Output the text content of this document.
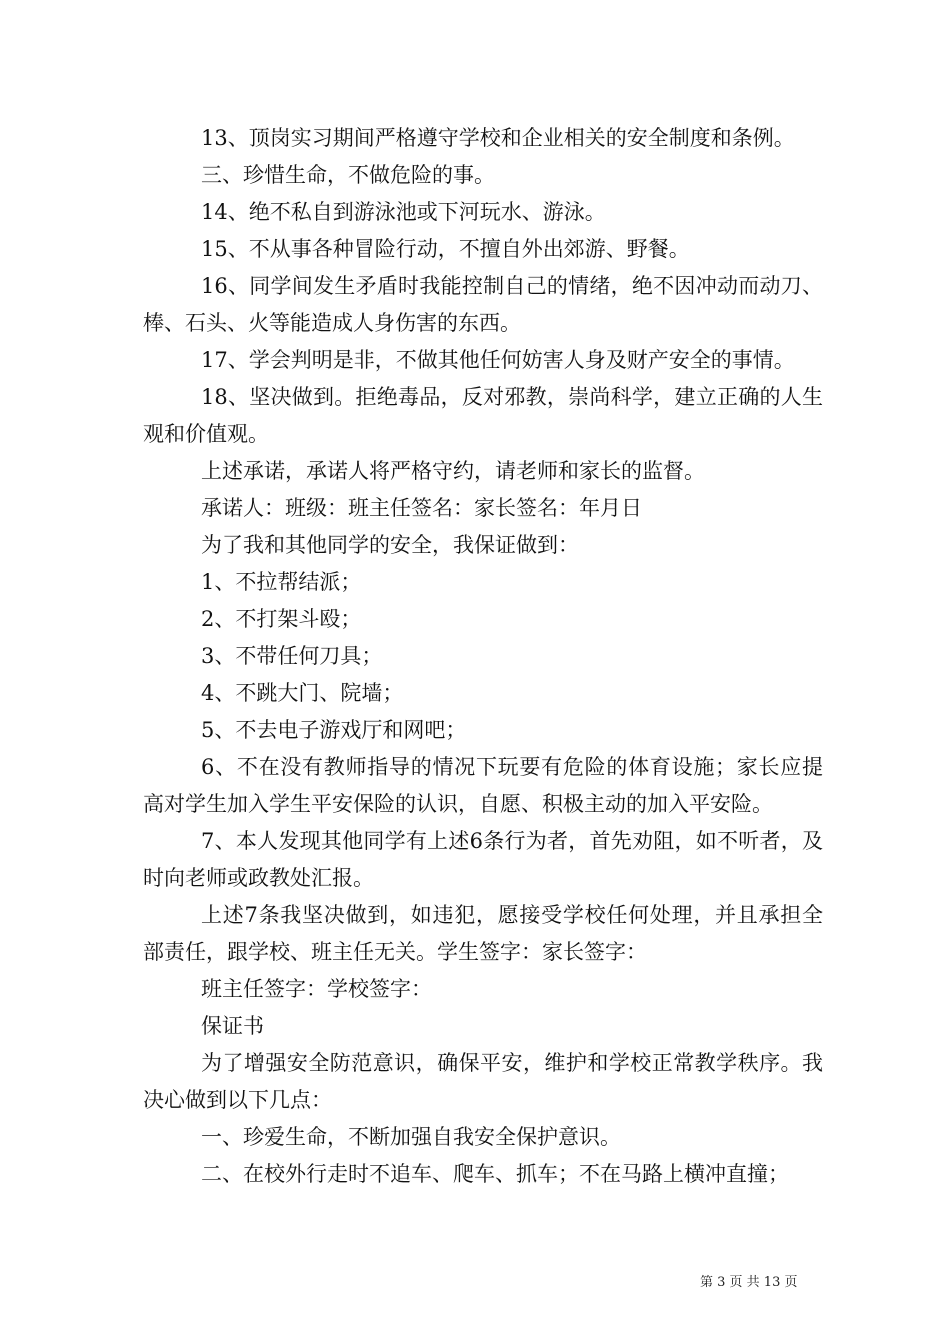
13、顶岗实习期间严格遵守学校和企业相关的安全制度和条例。

三、珍惜生命，不做危险的事。

14、绝不私自到游泳池或下河玩水、游泳。

15、不从事各种冒险行动，不擅自外出郊游、野餐。

16、同学间发生矛盾时我能控制自己的情绪，绝不因冲动而动刀、棒、石头、火等能造成人身伤害的东西。

17、学会判明是非，不做其他任何妨害人身及财产安全的事情。

18、坚决做到。拒绝毒品，反对邪教，崇尚科学，建立正确的人生观和价值观。

上述承诺，承诺人将严格守约，请老师和家长的监督。

承诺人：班级：班主任签名：家长签名：年月日

为了我和其他同学的安全，我保证做到：

1、不拉帮结派；

2、不打架斗殴；

3、不带任何刀具；

4、不跳大门、院墙；

5、不去电子游戏厅和网吧；

6、不在没有教师指导的情况下玩要有危险的体育设施；家长应提高对学生加入学生平安保险的认识，自愿、积极主动的加入平安险。

7、本人发现其他同学有上述6条行为者，首先劝阻，如不听者，及时向老师或政教处汇报。

上述7条我坚决做到，如违犯，愿接受学校任何处理，并且承担全部责任，跟学校、班主任无关。学生签字：家长签字：

班主任签字：学校签字：

保证书

为了增强安全防范意识，确保平安，维护和学校正常教学秩序。我决心做到以下几点：

一、珍爱生命，不断加强自我安全保护意识。

二、在校外行走时不追车、爬车、抓车；不在马路上横冲直撞；

第 3 页 共 13 页
